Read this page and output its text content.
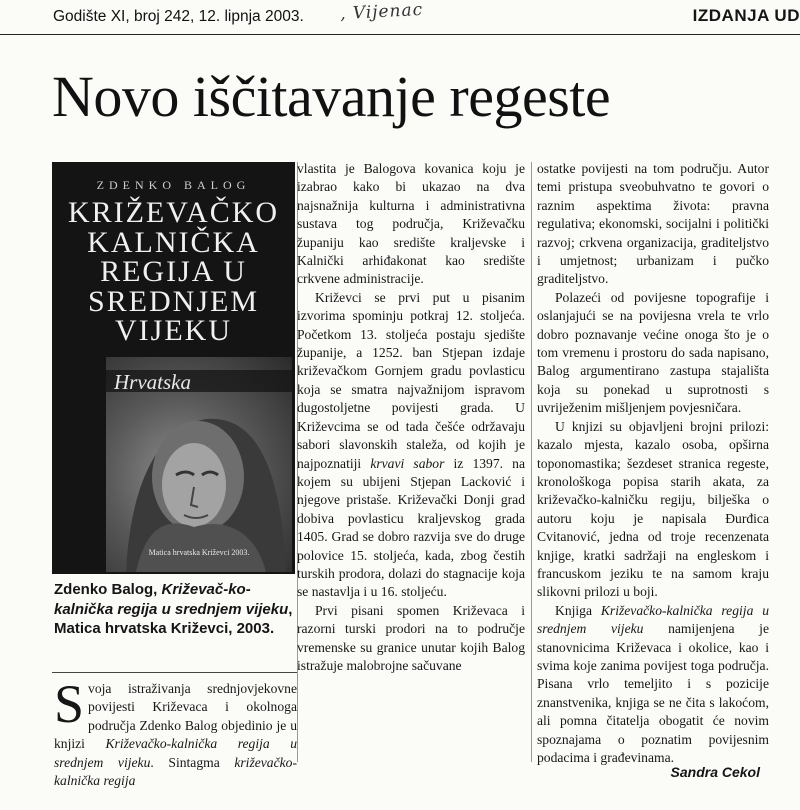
Godište XI, broj 242, 12. lipnja 2003. , Vijenac	IZDANJA UD
Novo iščitavanje regeste
ZDENKO BALOG
KRIŽEVAČKO
KALNIČKA
REGIJA U
SREDNJEM
VIJEKU
Hrvatska
Matica hrvatska Križevci 2003.
Zdenko Balog, Križevač-ko-kalnička regija u srednjem vijeku, Matica hrvatska Križevci, 2003.

Svoja istraživanja srednjovjekovne povijesti Križevaca i okolnoga područja Zdenko Balog objedinio je u knjizi Križevačko-kalnička regija u srednjem vijeku. Sintagma križevačko-kalnička regija

vlastita je Balogova kovanica koju je izabrao kako bi ukazao na dva najsnažnija kulturna i administrativna sustava tog područja, Križevačku županiju kao središte kraljevske i Kalnički arhiđakonat kao središte crkvene administracije.

Križevci se prvi put u pisanim izvorima spominju potkraj 12. stoljeća. Početkom 13. stoljeća postaju sjedište županije, a 1252. ban Stjepan izdaje križevačkom Gornjem gradu povlasticu koja se smatra najvažnijom ispravom dugostoljetne povijesti grada. U Križevcima se od tada češće održavaju sabori slavonskih staleža, od kojih je najpoznatiji krvavi sabor iz 1397. na kojem su ubijeni Stjepan Lacković i njegove pristaše. Križevački Donji grad dobiva povlasticu kraljevskog grada 1405. Grad se dobro razvija sve do druge polovice 15. stoljeća, kada, zbog čestih turskih prodora, dolazi do stagnacije koja se nastavlja i u 16. stoljeću.

Prvi pisani spomen Križevaca i razorni turski prodori na to područje vremenske su granice unutar kojih Balog istražuje malobrojne sačuvane

ostatke povijesti na tom području. Autor temi pristupa sveobuhvatno te govori o raznim aspektima života: pravna regulativa; ekonomski, socijalni i politički razvoj; crkvena organizacija, graditeljstvo i umjetnost; urbanizam i pučko graditeljstvo.

Polazeći od povijesne topografije i oslanjajući se na povijesna vrela te vrlo dobro poznavanje većine onoga što je o tom vremenu i prostoru do sada napisano, Balog argumentirano zastupa stajališta koja su ponekad u suprotnosti s uvriježenim mišljenjem povjesničara.

U knjizi su objavljeni brojni prilozi: kazalo mjesta, kazalo osoba, opširna toponomastika; šezdeset stranica regeste, kronološkoga popisa starih akata, za križevačko-kalničku regiju, bilješka o autoru koju je napisala Đurđica Cvitanović, jedna od troje recenzenata knjige, kratki sadržaji na engleskom i francuskom jeziku te na samom kraju slikovni prilozi u boji.

Knjiga Križevačko-kalnička regija u srednjem vijeku namijenjena je stanovnicima Križevaca i okolice, kao i svima koje zanima povijest toga područja. Pisana vrlo temeljito i s pozicije znanstvenika, knjiga se ne čita s lakoćom, ali pomna čitatelja obogatit će novim spoznajama o poznatim povijesnim podacima i građevinama.

Sandra Cekol
